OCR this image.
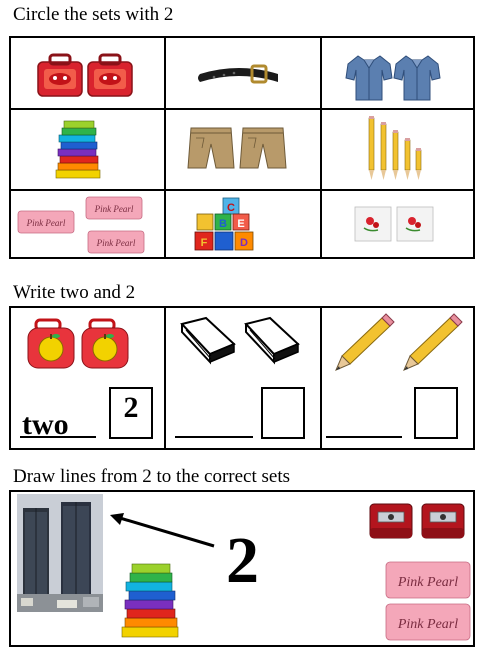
Circle the sets with 2
Pink Pearl
Pink Pearl
Pink Pearl
C
B E
F	D
Write two and 2
two
2
Draw lines from 2 to the correct sets
2	Pink Pearl
Pink Pearl
